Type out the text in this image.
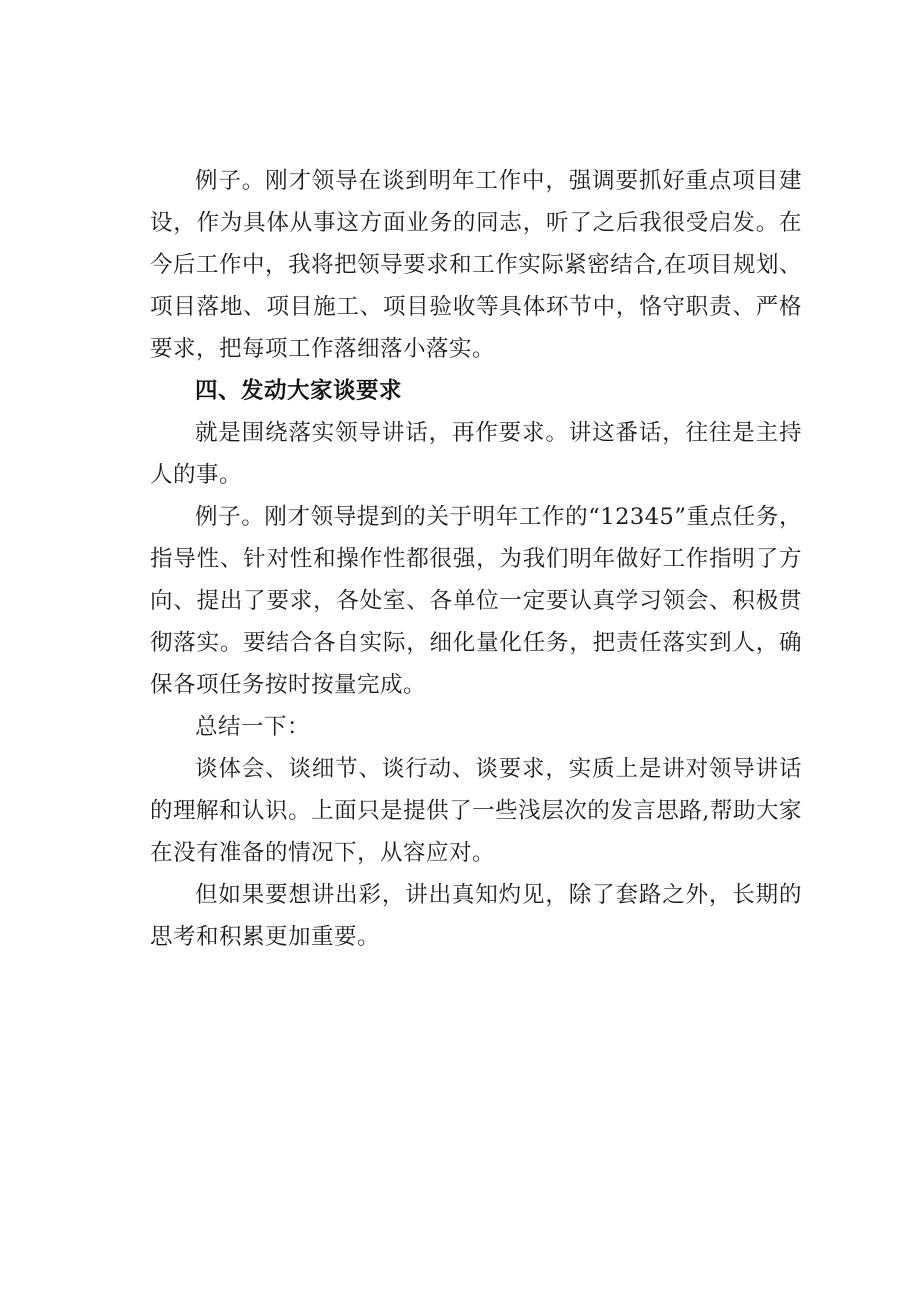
例子。刚才领导在谈到明年工作中，强调要抓好重点项目建设，作为具体从事这方面业务的同志，听了之后我很受启发。在今后工作中，我将把领导要求和工作实际紧密结合,在项目规划、项目落地、项目施工、项目验收等具体环节中，恪守职责、严格要求，把每项工作落细落小落实。

四、发动大家谈要求

就是围绕落实领导讲话，再作要求。讲这番话，往往是主持人的事。

例子。刚才领导提到的关于明年工作的“12345”重点任务，指导性、针对性和操作性都很强，为我们明年做好工作指明了方向、提出了要求，各处室、各单位一定要认真学习领会、积极贯彻落实。要结合各自实际，细化量化任务，把责任落实到人，确保各项任务按时按量完成。

总结一下：

谈体会、谈细节、谈行动、谈要求，实质上是讲对领导讲话的理解和认识。上面只是提供了一些浅层次的发言思路,帮助大家在没有准备的情况下，从容应对。

但如果要想讲出彩，讲出真知灼见，除了套路之外，长期的思考和积累更加重要。
